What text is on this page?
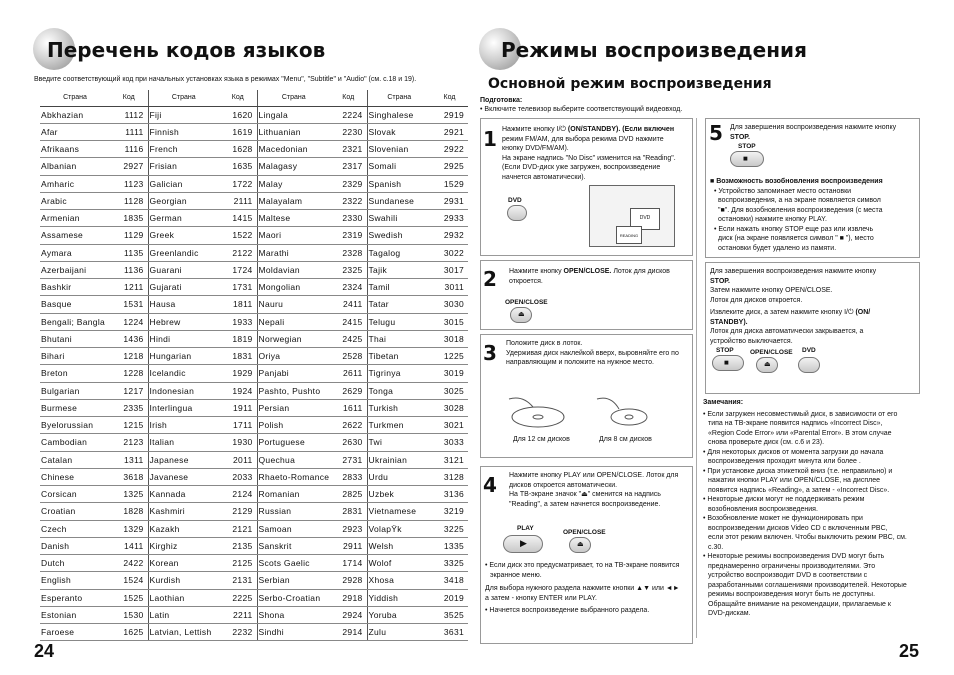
Перечень кодов языков
Введите соответствующий код при начальных установках языка в режимах "Menu", "Subtitle" и "Audio" (см. с.18 и 19).
Страна	Код	Страна	Код	Страна	Код	Страна	Код
Abkhazian	1112	Fiji	1620	Lingala	2224	Singhalese	2919
Afar	1111	Finnish	1619	Lithuanian	2230	Slovak	2921
Afrikaans	1116	French	1628	Macedonian	2321	Slovenian	2922
Albanian	2927	Frisian	1635	Malagasy	2317	Somali	2925
Amharic	1123	Galician	1722	Malay	2329	Spanish	1529
Arabic	1128	Georgian	2111	Malayalam	2322	Sundanese	2931
Armenian	1835	German	1415	Maltese	2330	Swahili	2933
Assamese	1129	Greek	1522	Maori	2319	Swedish	2932
Aymara	1135	Greenlandic	2122	Marathi	2328	Tagalog	3022
Azerbaijani	1136	Guarani	1724	Moldavian	2325	Tajik	3017
Bashkir	1211	Gujarati	1731	Mongolian	2324	Tamil	3011
Basque	1531	Hausa	1811	Nauru	2411	Tatar	3030
Bengali; Bangla	1224	Hebrew	1933	Nepali	2415	Telugu	3015
Bhutani	1436	Hindi	1819	Norwegian	2425	Thai	3018
Bihari	1218	Hungarian	1831	Oriya	2528	Tibetan	1225
Breton	1228	Icelandic	1929	Panjabi	2611	Tigrinya	3019
Bulgarian	1217	Indonesian	1924	Pashto, Pushto	2629	Tonga	3025
Burmese	2335	Interlingua	1911	Persian	1611	Turkish	3028
Byelorussian	1215	Irish	1711	Polish	2622	Turkmen	3021
Cambodian	2123	Italian	1930	Portuguese	2630	Twi	3033
Catalan	1311	Japanese	2011	Quechua	2731	Ukrainian	3121
Chinese	3618	Javanese	2033	Rhaeto-Romance	2833	Urdu	3128
Corsican	1325	Kannada	2124	Romanian	2825	Uzbek	3136
Croatian	1828	Kashmiri	2129	Russian	2831	Vietnamese	3219
Czech	1329	Kazakh	2121	Samoan	2923	VolapŸk	3225
Danish	1411	Kirghiz	2135	Sanskrit	2911	Welsh	1335
Dutch	2422	Korean	2125	Scots Gaelic	1714	Wolof	3325
English	1524	Kurdish	2131	Serbian	2928	Xhosa	3418
Esperanto	1525	Laothian	2225	Serbo-Croatian	2918	Yiddish	2019
Estonian	1530	Latin	2211	Shona	2924	Yoruba	3525
Faroese	1625	Latvian, Lettish	2232	Sindhi	2914	Zulu	3631
24
Режимы воспроизведения
Основной режим воспроизведения
Подготовка:
• Включите телевизор выберите соответствующий видеовход.
1 Нажмите кнопку I/⏻ (ON/STANDBY). (Если включен
режим FM/AM, для выбора режима DVD нажмите
кнопку DVD/FM/AM).
На экране надпись "No Disc" изменится на "Reading".
(Если DVD-диск уже загружен, воспроизведение
начнется автоматически).
DVD
DVD
READING
2 Нажмите кнопку OPEN/CLOSE. Лоток для дисков
откроется.
OPEN/CLOSE
⏏
3 Положите диск в лоток.
Удерживая диск наклейкой вверх, выровняйте его по
направляющим и положите на нужное место.
Для 12 см дисков	Для 8 см дисков
4 Нажмите кнопку PLAY или OPEN/CLOSE. Лоток для
дисков откроется автоматически.
На ТВ-экране значок "⏏" сменится на надпись
"Reading", а затем начнется воспроизведение.
PLAY
▶
OPEN/CLOSE
⏏
• Если диск это предусматривает, то на ТВ-экране появится
экранное меню.
Для выбора нужного раздела нажмите кнопки ▲▼ или ◄►
а затем - кнопку ENTER или PLAY.
• Начнется воспроизведение выбранного раздела.
5 Для завершения воспроизведения нажмите кнопку
STOP.
STOP
■
■ Возможность возобновления воспроизведения
• Устройство запоминает место остановки
воспроизведения, а на экране появляется символ
"■". Для возобновления воспроизведения (с места
остановки) нажмите кнопку PLAY.
• Если нажать кнопку STOP еще раз или извлечь
диск (на экране появляется символ " ■ "), место
остановки будет удалено из памяти.
Для завершения воспроизведения нажмите кнопку
STOP.
Затем нажмите кнопку OPEN/CLOSE.
Лоток для дисков откроется.
Извлеките диск, а затем нажмите кнопку I/⏻ (ON/
STANDBY).
Лоток для диска автоматически закрывается, а
устройство выключается.
STOP
■
OPEN/CLOSE
⏏
DVD
Замечания:
• Если загружен несовместимый диск, в зависимости от его
типа на ТВ-экране появится надпись «Incorrect Disc»,
«Region Code Error» или «Parental Error». В этом случае
снова проверьте диск (см. с.6 и 23).
• Для некоторых дисков от момента загрузки до начала
воспроизведения проходит минута или более .
• При установке диска этикеткой вниз (т.е. неправильно) и
нажатии кнопки PLAY или OPEN/CLOSE, на дисплее
появится надпись «Reading», а затем - «Incorrect Disc».
• Некоторые диски могут не поддерживать режим
возобновления воспроизведения.
• Возобновление может не функционировать при
воспроизведении дисков Video CD с включенным PBC,
если этот режим включен. Чтобы выключить режим PBC, см.
с.30.
• Некоторые режимы воспроизведения DVD могут быть
преднамеренно ограничены производителями. Это
устройство воспроизводит DVD в соответствии с
разработанными соглашениями производителей. Некоторые
режимы воспроизведения могут быть не доступны.
Обращайте внимание на рекомендации, прилагаемые к
DVD-дискам.
25
